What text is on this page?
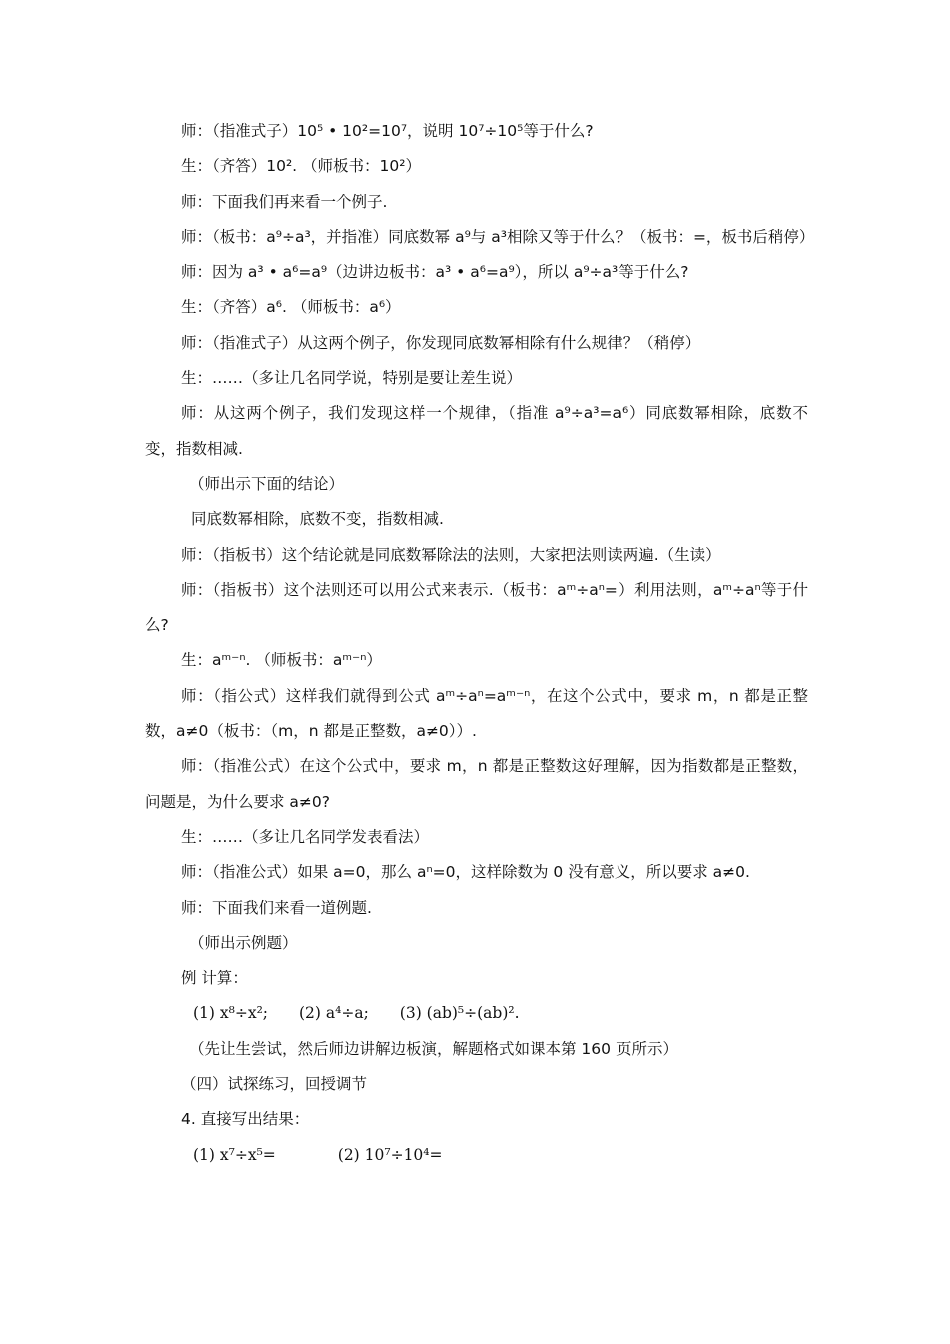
师：（指准式子）10⁵ • 10²=10⁷，说明 10⁷÷10⁵等于什么?

生：（齐答）10². （师板书：10²）

师：下面我们再来看一个例子.

师：（板书：a⁹÷a³，并指准）同底数幂 a⁹与 a³相除又等于什么？（板书：=，板书后稍停）

师：因为 a³ • a⁶=a⁹（边讲边板书：a³ • a⁶=a⁹），所以 a⁹÷a³等于什么?

生：（齐答）a⁶. （师板书：a⁶）

师：（指准式子）从这两个例子，你发现同底数幂相除有什么规律？（稍停）

生：……（多让几名同学说，特别是要让差生说）

师：从这两个例子，我们发现这样一个规律，（指准 a⁹÷a³=a⁶）同底数幂相除，底数不变，指数相减.

（师出示下面的结论）

同底数幂相除，底数不变，指数相减.

师：（指板书）这个结论就是同底数幂除法的法则，大家把法则读两遍.（生读）

师：（指板书）这个法则还可以用公式来表示.（板书：aᵐ÷aⁿ=）利用法则，aᵐ÷aⁿ等于什么?

生：aᵐ⁻ⁿ. （师板书：aᵐ⁻ⁿ）

师：（指公式）这样我们就得到公式 aᵐ÷aⁿ=aᵐ⁻ⁿ，在这个公式中，要求 m，n 都是正整数，a≠0（板书：（m，n 都是正整数，a≠0））.

师：（指准公式）在这个公式中，要求 m，n 都是正整数这好理解，因为指数都是正整数，问题是，为什么要求 a≠0?

生：……（多让几名同学发表看法）

师：（指准公式）如果 a=0，那么 aⁿ=0，这样除数为 0 没有意义，所以要求 a≠0.

师：下面我们来看一道例题.

（师出示例题）

例 计算：

(1) x⁸÷x²;　　(2) a⁴÷a;　　(3) (ab)⁵÷(ab)².

（先让生尝试，然后师边讲解边板演，解题格式如课本第 160 页所示）

（四）试探练习，回授调节

4. 直接写出结果：

(1) x⁷÷x⁵=　　　　(2) 10⁷÷10⁴=
